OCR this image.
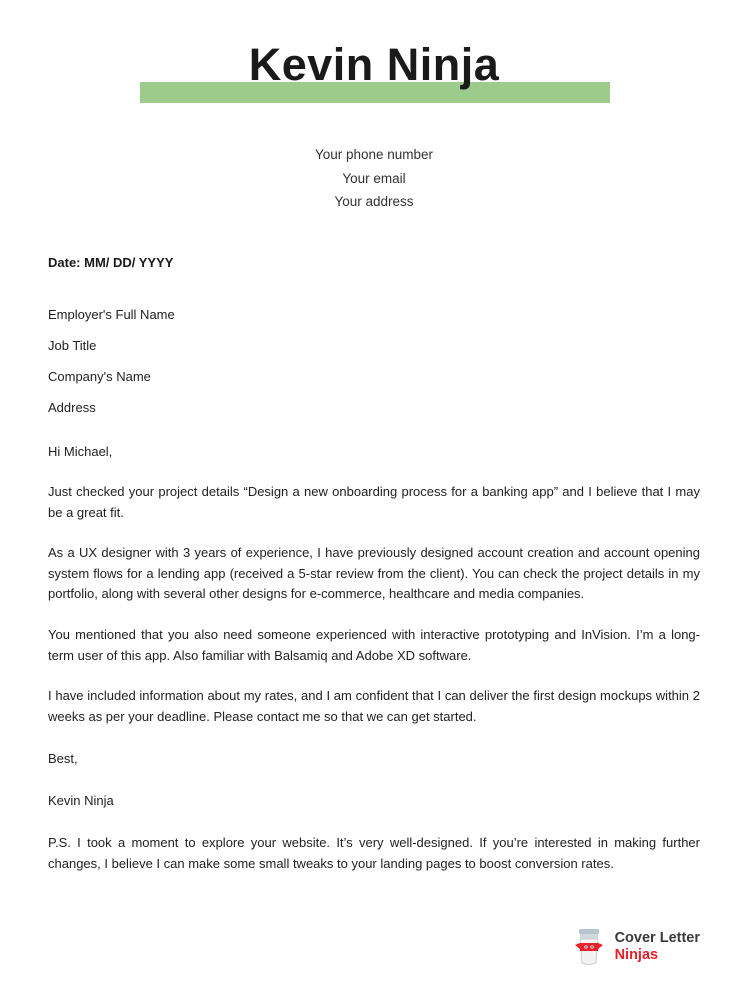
Kevin Ninja

Your phone number

Your email

Your address

Date: MM/ DD/ YYYY

Employer's Full Name

Job Title

Company's Name

Address

Hi Michael,

Just checked your project details “Design a new onboarding process for a banking app” and I believe that I may be a great fit.

As a UX designer with 3 years of experience, I have previously designed account creation and account opening system flows for a lending app (received a 5-star review from the client). You can check the project details in my portfolio, along with several other designs for e-commerce, healthcare and media companies.

You mentioned that you also need someone experienced with interactive prototyping and InVision. I’m a long-term user of this app. Also familiar with Balsamiq and Adobe XD software.

I have included information about my rates, and I am confident that I can deliver the first design mockups within 2 weeks as per your deadline. Please contact me so that we can get started.

Best,

Kevin Ninja

P.S. I took a moment to explore your website. It’s very well-designed. If you’re interested in making further changes, I believe I can make some small tweaks to your landing pages to boost conversion rates.

Cover Letter
Ninjas
